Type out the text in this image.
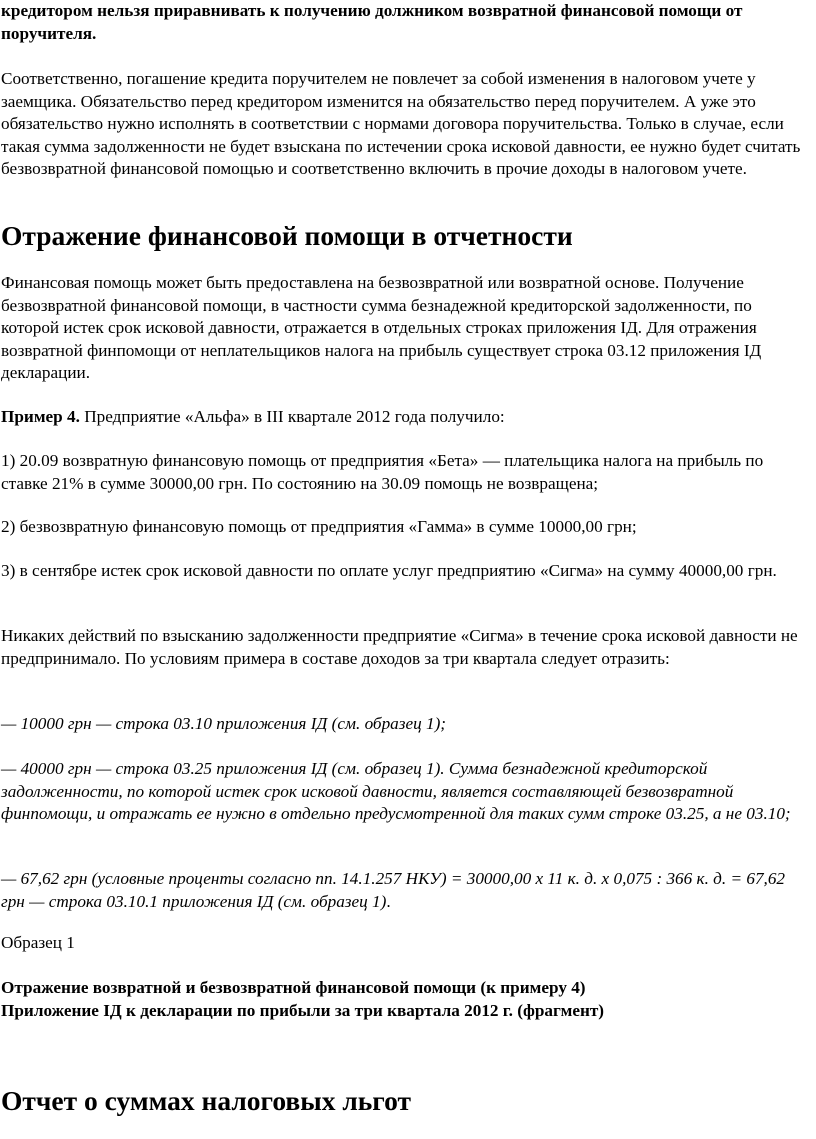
кредитором нельзя приравнивать к получению должником возвратной финансовой помощи от поручителя.

Соответственно, погашение кредита поручителем не повлечет за собой изменения в налоговом учете у заемщика. Обязательство перед кредитором изменится на обязательство перед поручителем. А уже это обязательство нужно исполнять в соответствии с нормами договора поручительства. Только в случае, если такая сумма задолженности не будет взыскана по истечении срока исковой давности, ее нужно будет считать безвозвратной финансовой помощью и соответственно включить в прочие доходы в налоговом учете.

Отражение финансовой помощи в отчетности

Финансовая помощь может быть предоставлена на безвозвратной или возвратной основе. Получение безвозвратной финансовой помощи, в частности сумма безнадежной кредиторской задолженности, по которой истек срок исковой давности, отражается в отдельных строках приложения ІД. Для отражения возвратной финпомощи от неплательщиков налога на прибыль существует строка 03.12 приложения ІД декларации.

Пример 4. Предприятие «Альфа» в ІІІ квартале 2012 года получило:

1) 20.09 возвратную финансовую помощь от предприятия «Бета» — плательщика налога на прибыль по ставке 21% в сумме 30000,00 грн. По состоянию на 30.09 помощь не возвращена;

2) безвозвратную финансовую помощь от предприятия «Гамма» в сумме 10000,00 грн;

3) в сентябре истек срок исковой давности по оплате услуг предприятию «Сигма» на сумму 40000,00 грн.

Никаких действий по взысканию задолженности предприятие «Сигма» в течение срока исковой давности не предпринимало. По условиям примера в составе доходов за три квартала следует отразить:

— 10000 грн — строка 03.10 приложения ІД (см. образец 1);

— 40000 грн — строка 03.25 приложения ІД (см. образец 1). Сумма безнадежной кредиторской задолженности, по которой истек срок исковой давности, является составляющей безвозвратной финпомощи, и отражать ее нужно в отдельно предусмотренной для таких сумм строке 03.25, а не 03.10;

— 67,62 грн (условные проценты согласно пп. 14.1.257 НКУ) = 30000,00 х 11 к. д. х 0,075 : 366 к. д. = 67,62 грн — строка 03.10.1 приложения ІД (см. образец 1).

Образец 1

Отражение возвратной и безвозвратной финансовой помощи (к примеру 4)
Приложение ІД к декларации по прибыли за три квартала 2012 г. (фрагмент)

Отчет о суммах налоговых льгот
